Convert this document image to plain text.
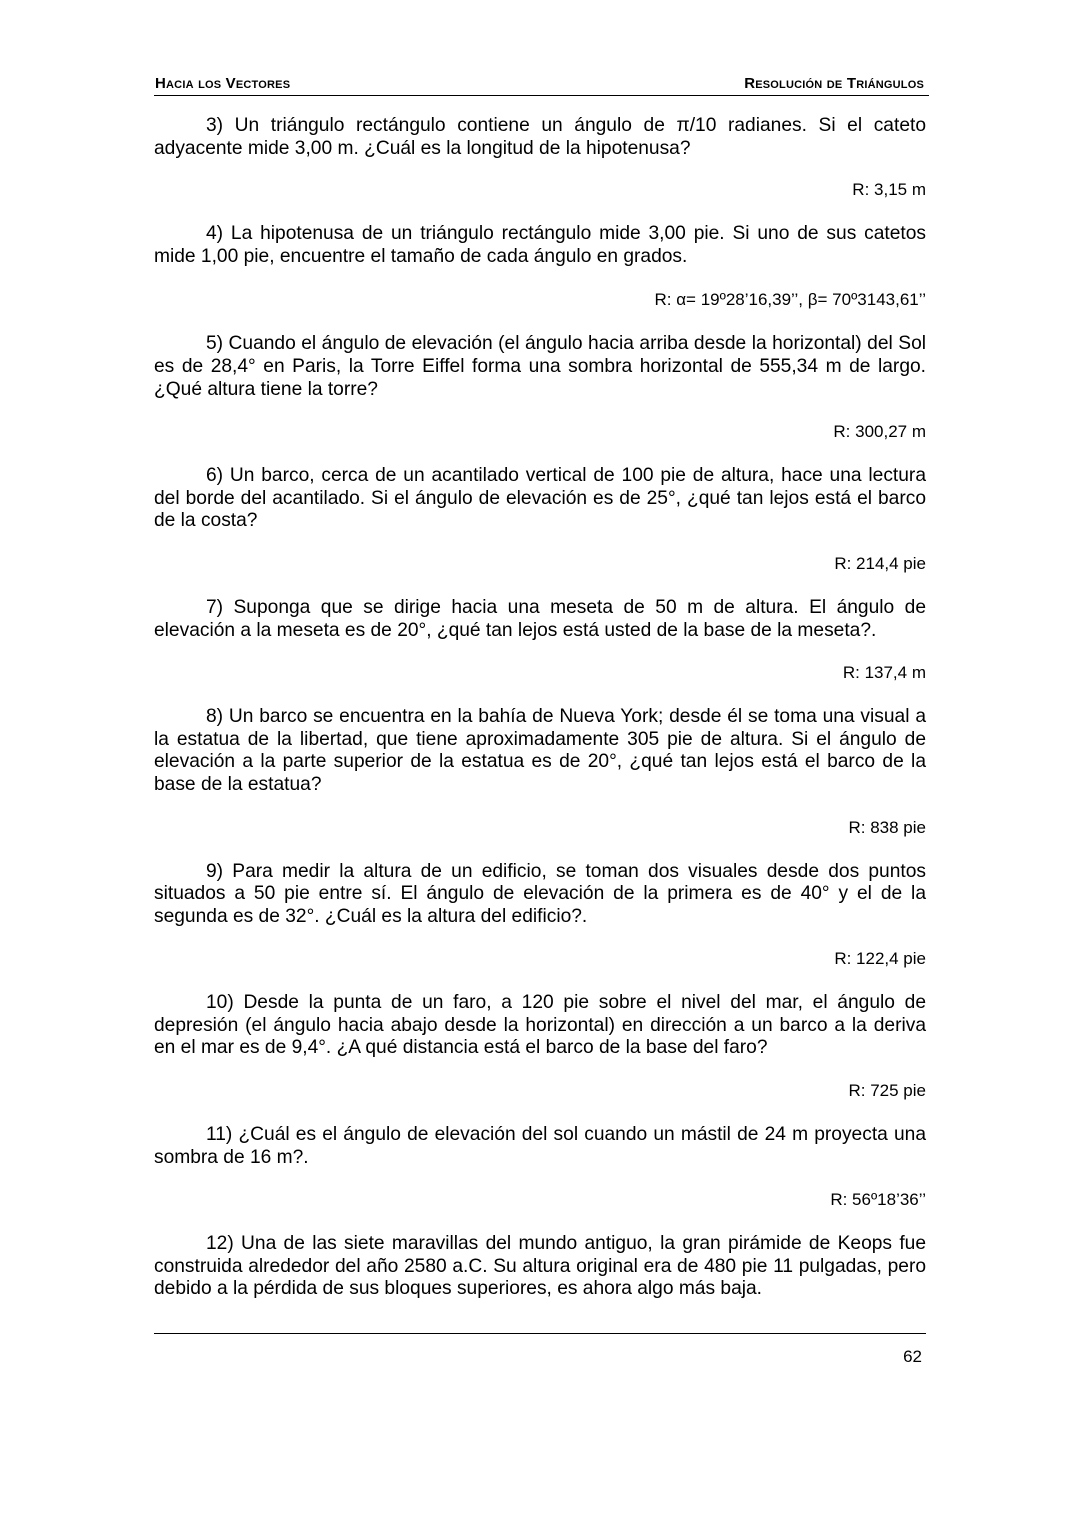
Hacia los Vectores	Resolución de Triángulos

3) Un triángulo rectángulo contiene un ángulo de π/10 radianes. Si el cateto adyacente mide 3,00 m. ¿Cuál es la longitud de la hipotenusa?

R: 3,15 m

4) La hipotenusa de un triángulo rectángulo mide 3,00 pie. Si uno de sus catetos mide 1,00 pie, encuentre el tamaño de cada ángulo en grados.

R: α= 19º28’16,39’’, β= 70º3143,61’’

5) Cuando el ángulo de elevación (el ángulo hacia arriba desde la horizontal) del Sol es de 28,4° en Paris, la Torre Eiffel forma una sombra horizontal de 555,34 m de largo. ¿Qué altura tiene la torre?

R: 300,27 m

6) Un barco, cerca de un acantilado vertical de 100 pie de altura, hace una lectura del borde del acantilado. Si el ángulo de elevación es de 25°, ¿qué tan lejos está el barco de la costa?

R: 214,4 pie

7) Suponga que se dirige hacia una meseta de 50 m de altura. El ángulo de elevación a la meseta es de 20°, ¿qué tan lejos está usted de la base de la meseta?.

R: 137,4 m

8) Un barco se encuentra en la bahía de Nueva York; desde él se toma una visual a la estatua de la libertad, que tiene aproximadamente 305 pie de altura. Si el ángulo de elevación a la parte superior de la estatua es de 20°, ¿qué tan lejos está el barco de la base de la estatua?

R: 838 pie

9) Para medir la altura de un edificio, se toman dos visuales desde dos puntos situados a 50 pie entre sí. El ángulo de elevación de la primera es de 40° y el de la segunda es de 32°. ¿Cuál es la altura del edificio?.

R: 122,4 pie

10) Desde la punta de un faro, a 120 pie sobre el nivel del mar, el ángulo de depresión (el ángulo hacia abajo desde la horizontal) en dirección a un barco a la deriva en el mar es de 9,4°. ¿A qué distancia está el barco de la base del faro?

R: 725 pie

11) ¿Cuál es el ángulo de elevación del sol cuando un mástil de 24 m proyecta una sombra de 16 m?.

R: 56º18’36’’

12) Una de las siete maravillas del mundo antiguo, la gran pirámide de Keops fue construida alrededor del año 2580 a.C. Su altura original era de 480 pie 11 pulgadas, pero debido a la pérdida de sus bloques superiores, es ahora algo más baja.

62
